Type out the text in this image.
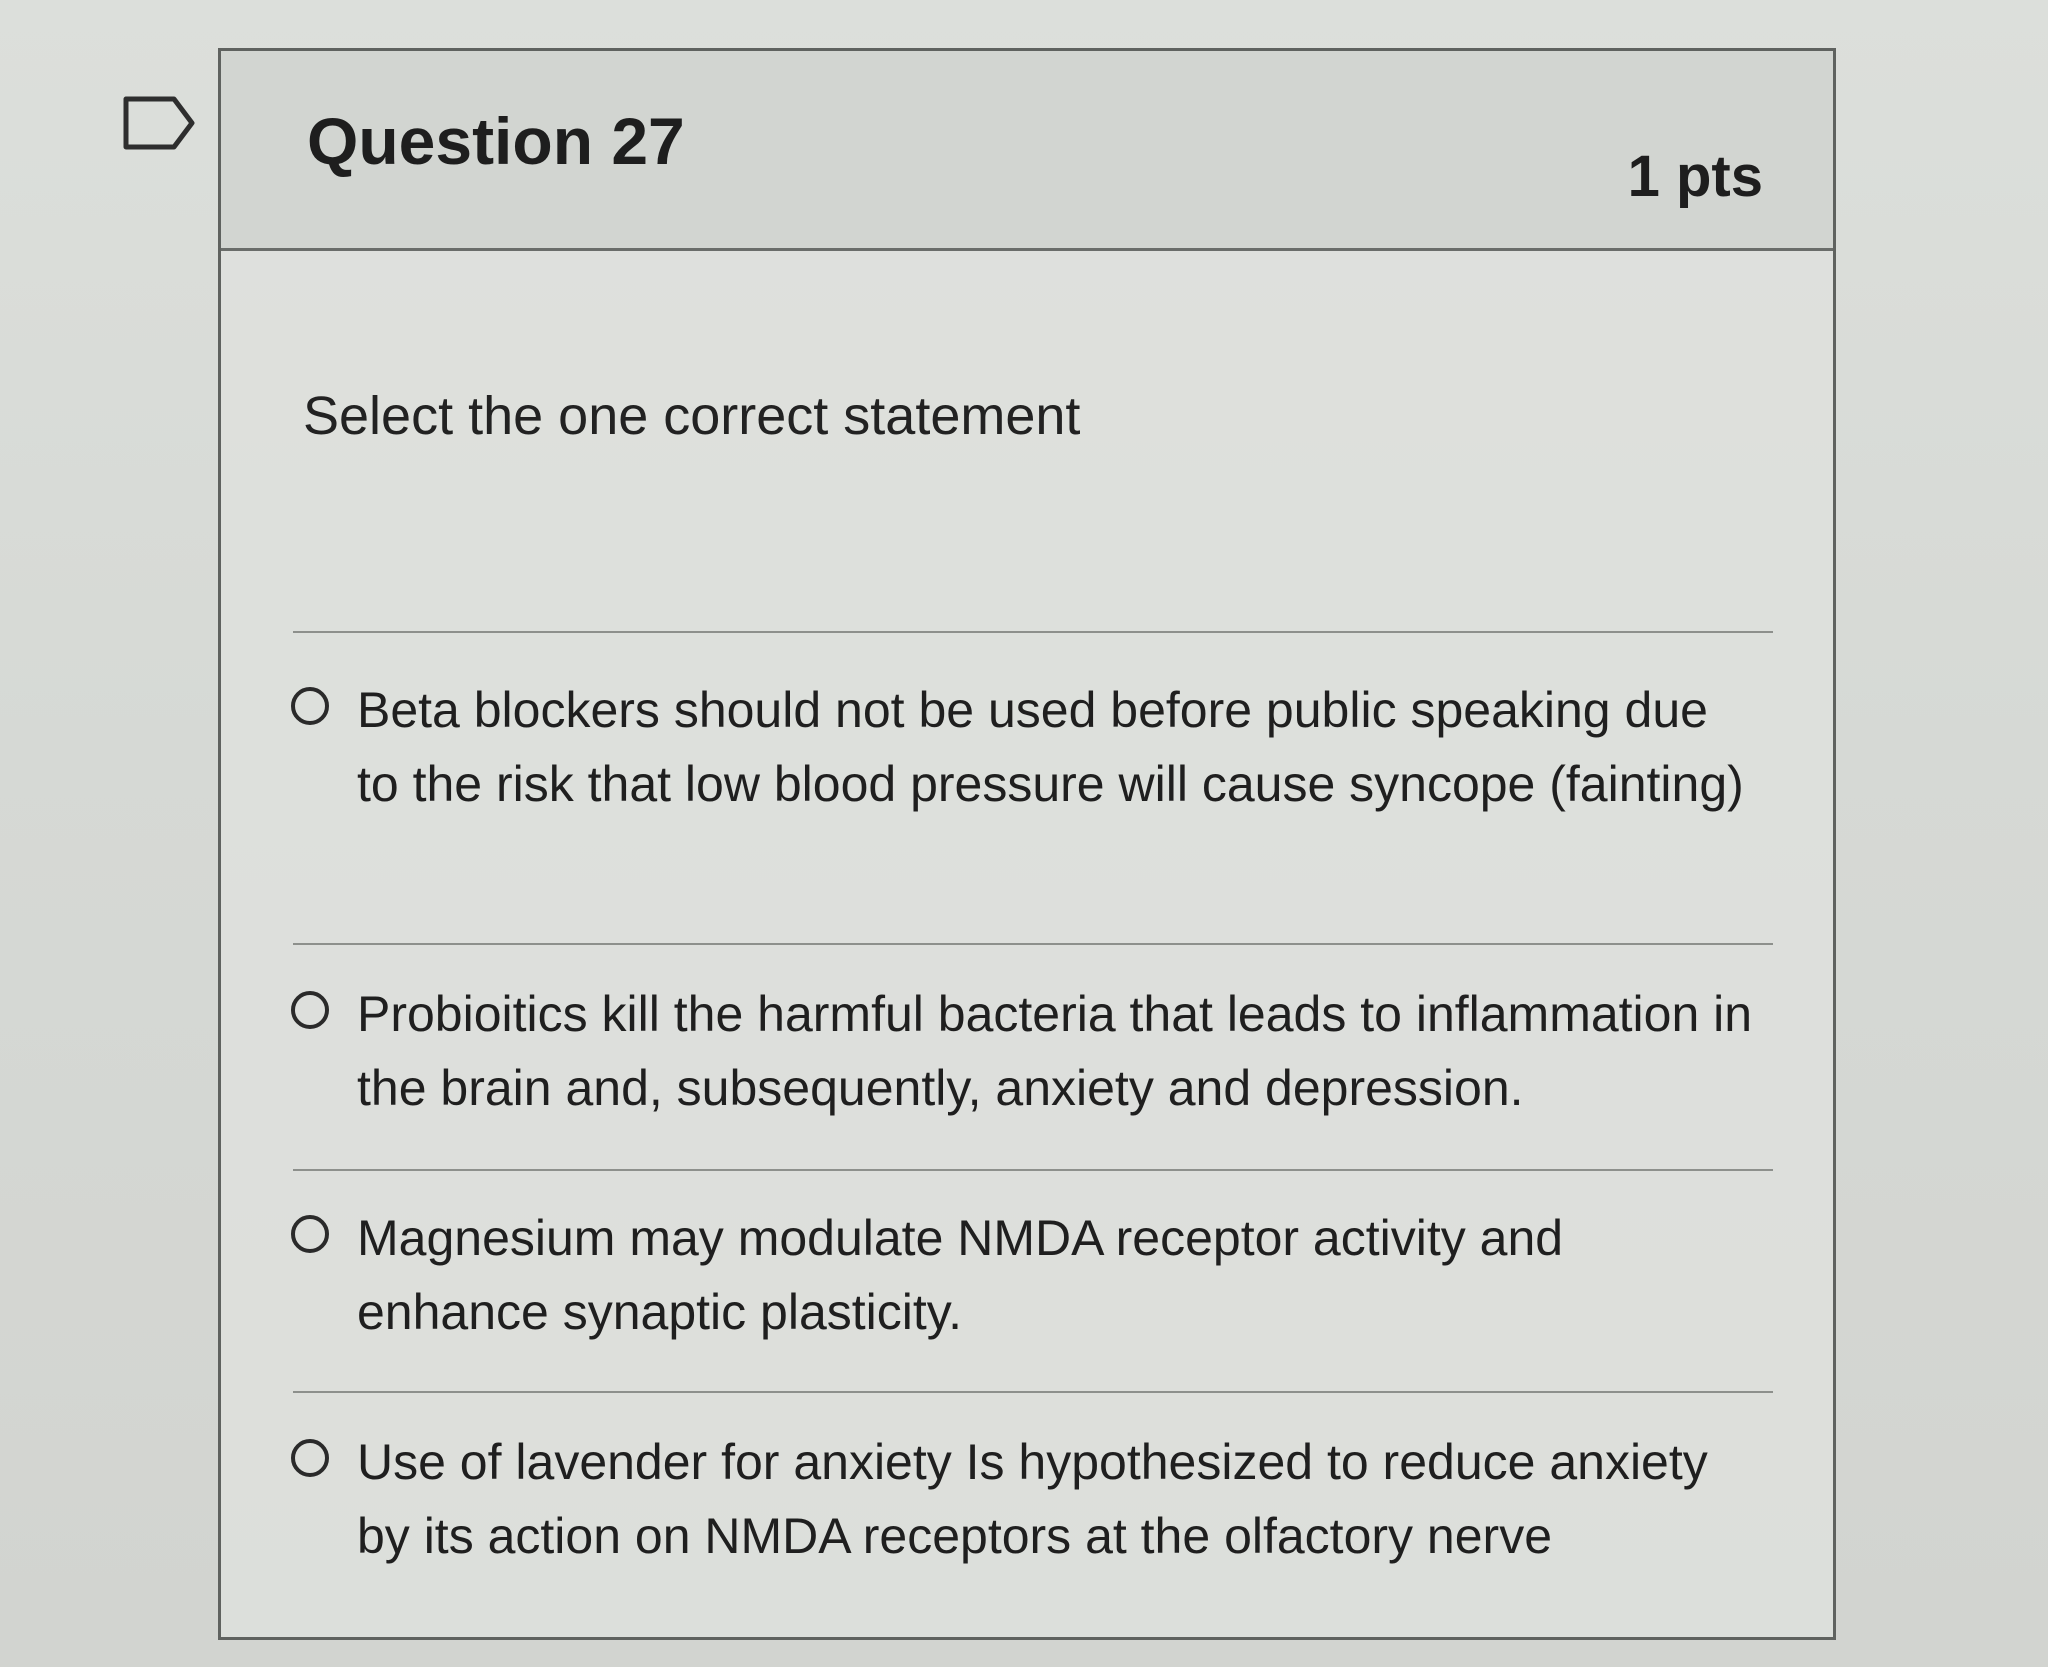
Question 27	1 pts
Select the one correct statement
Beta blockers should not be used before public speaking due to the risk that low blood pressure will cause syncope (fainting)
Probioitics kill the harmful bacteria that leads to inflammation in the brain and, subsequently, anxiety and depression.
Magnesium may modulate NMDA receptor activity and enhance synaptic plasticity.
Use of lavender for anxiety Is hypothesized to reduce anxiety by its action on NMDA receptors at the olfactory nerve
